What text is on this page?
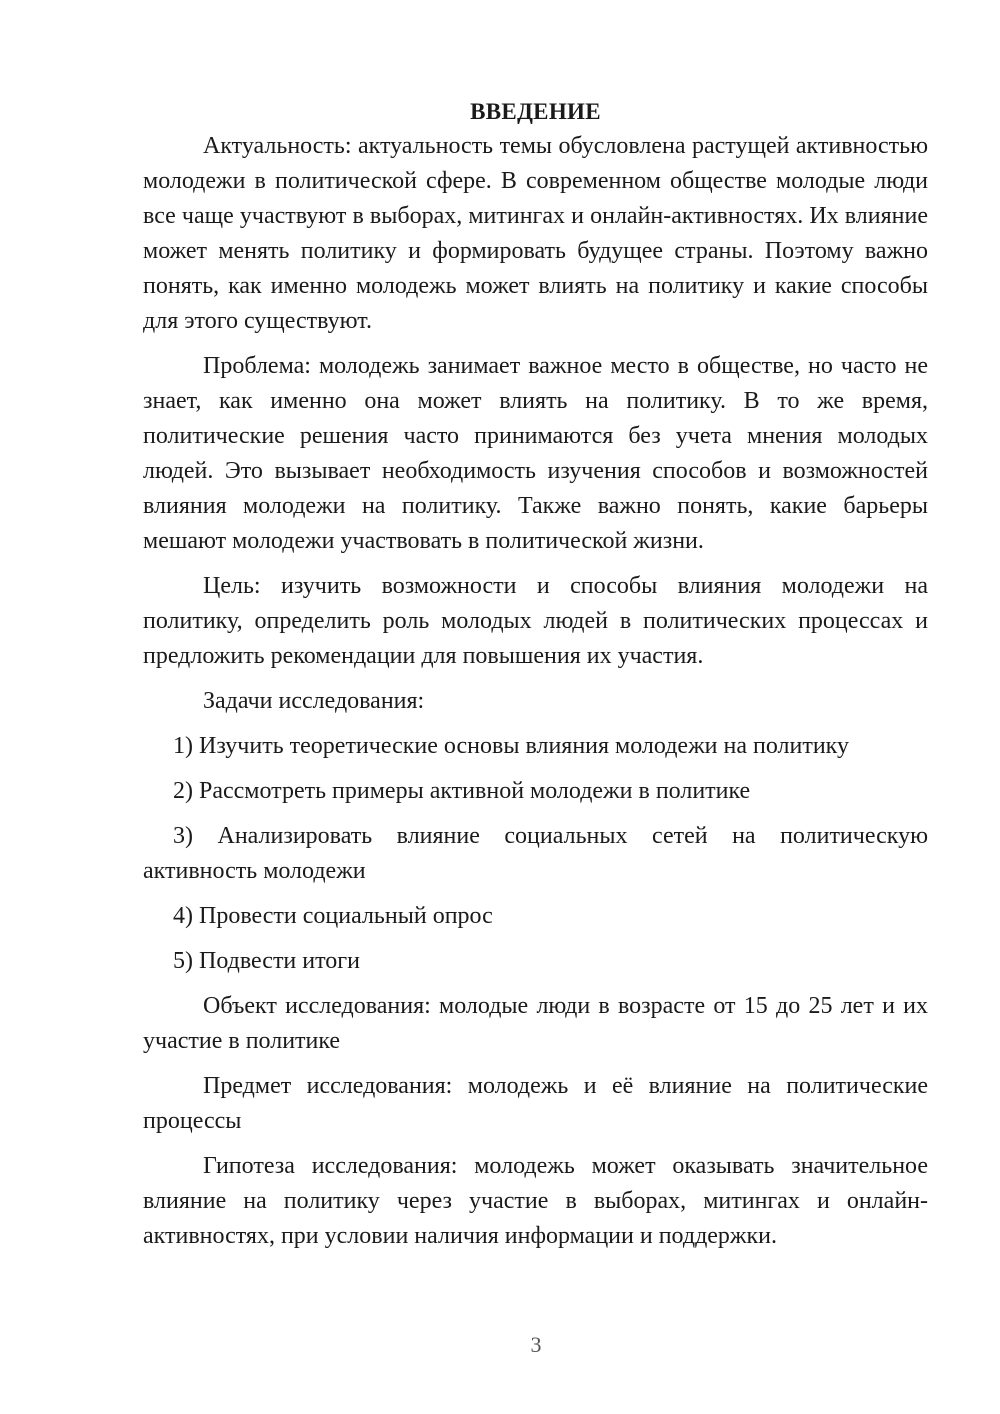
ВВЕДЕНИЕ

Актуальность: актуальность темы обусловлена растущей активностью молодежи в политической сфере. В современном обществе молодые люди все чаще участвуют в выборах, митингах и онлайн-активностях. Их влияние может менять политику и формировать будущее страны. Поэтому важно понять, как именно молодежь может влиять на политику и какие способы для этого существуют.

Проблема: молодежь занимает важное место в обществе, но часто не знает, как именно она может влиять на политику. В то же время, политические решения часто принимаются без учета мнения молодых людей. Это вызывает необходимость изучения способов и возможностей влияния молодежи на политику. Также важно понять, какие барьеры мешают молодежи участвовать в политической жизни.

Цель: изучить возможности и способы влияния молодежи на политику, определить роль молодых людей в политических процессах и предложить рекомендации для повышения их участия.

Задачи исследования:

1) Изучить теоретические основы влияния молодежи на политику

2) Рассмотреть примеры активной молодежи в политике

3) Анализировать влияние социальных сетей на политическую активность молодежи

4) Провести социальный опрос

5) Подвести итоги

Объект исследования: молодые люди в возрасте от 15 до 25 лет и их участие в политике

Предмет исследования: молодежь и её влияние на политические процессы

Гипотеза исследования: молодежь может оказывать значительное влияние на политику через участие в выборах, митингах и онлайн-активностях, при условии наличия информации и поддержки.

3
